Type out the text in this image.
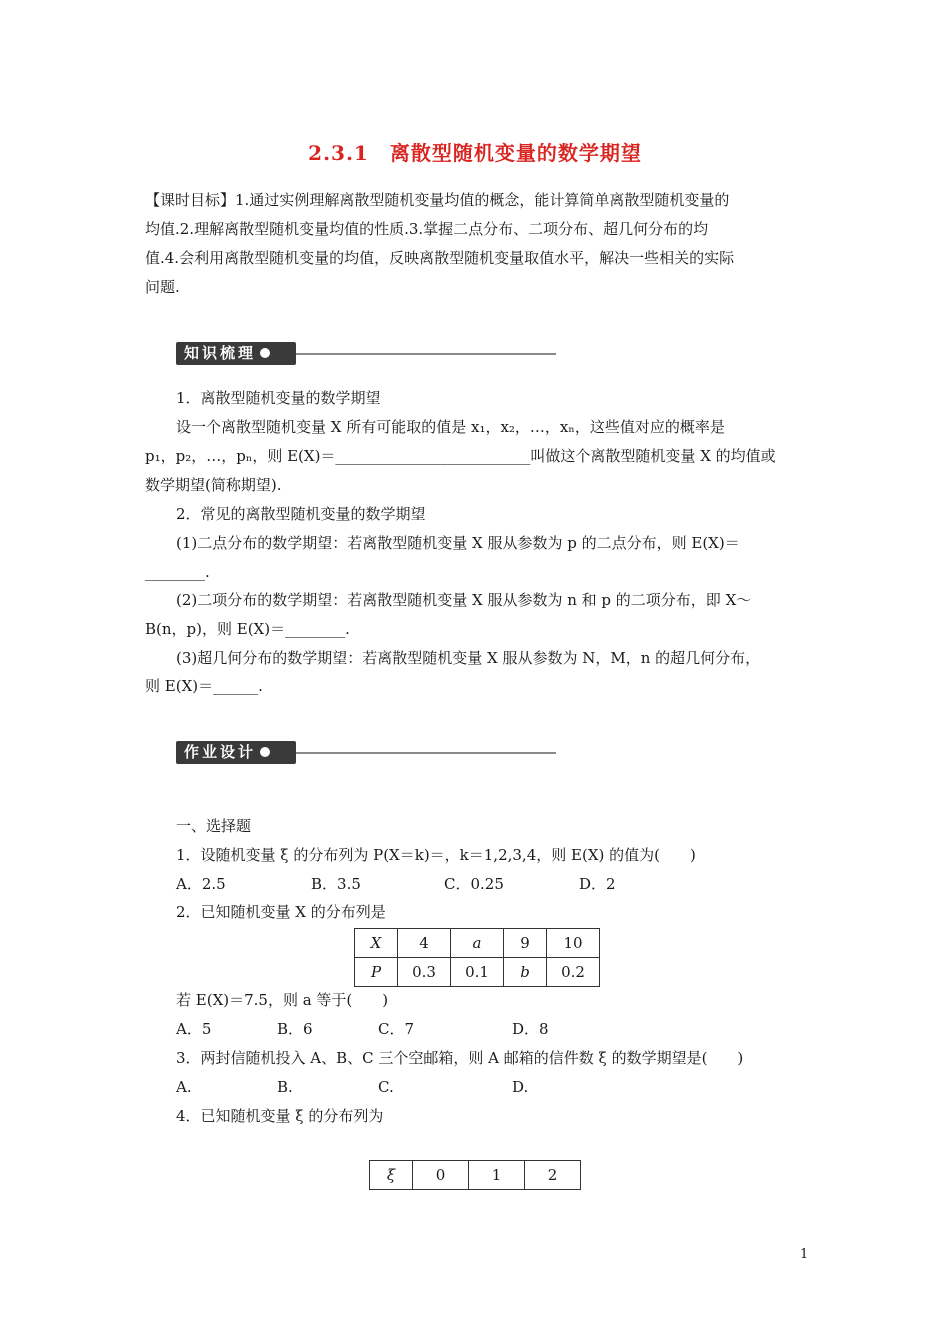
2.3.1　离散型随机变量的数学期望
【课时目标】1.通过实例理解离散型随机变量均值的概念，能计算简单离散型随机变量的
均值.2.理解离散型随机变量均值的性质.3.掌握二点分布、二项分布、超几何分布的均
值.4.会利用离散型随机变量的均值，反映离散型随机变量取值水平，解决一些相关的实际
问题.
知识梳理
1．离散型随机变量的数学期望
设一个离散型随机变量 X 所有可能取的值是 x₁，x₂，…，xₙ，这些值对应的概率是
p₁，p₂，…，pₙ，则 E(X)＝__________________________叫做这个离散型随机变量 X 的均值或
数学期望(简称期望).
2．常见的离散型随机变量的数学期望
(1)二点分布的数学期望：若离散型随机变量 X 服从参数为 p 的二点分布，则 E(X)＝
________.
(2)二项分布的数学期望：若离散型随机变量 X 服从参数为 n 和 p 的二项分布，即 X～
B(n，p)，则 E(X)＝________.
(3)超几何分布的数学期望：若离散型随机变量 X 服从参数为 N，M，n 的超几何分布，
则 E(X)＝______.
作业设计
一、选择题
1．设随机变量 ξ 的分布列为 P(X＝k)＝，k＝1,2,3,4，则 E(X) 的值为(　　)
A．2.5	B．3.5	C．0.25	D．2
2．已知随机变量 X 的分布列是
X	4	a	9	10
P	0.3	0.1	b	0.2
若 E(X)＝7.5，则 a 等于(　　)
A．5	B．6	C．7	D．8
3．两封信随机投入 A、B、C 三个空邮箱，则 A 邮箱的信件数 ξ 的数学期望是(　　)
A.	B.	C.	D.
4．已知随机变量 ξ 的分布列为
ξ	0	1	2
1
